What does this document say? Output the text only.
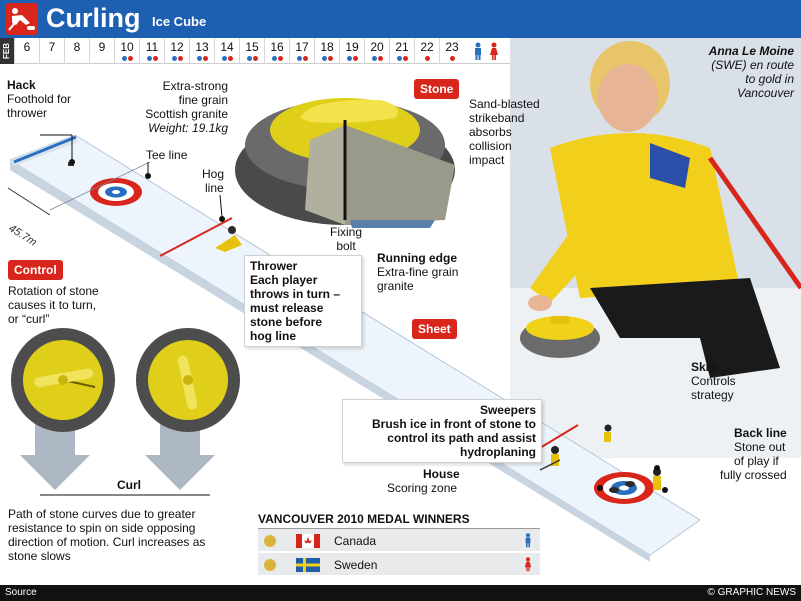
Curling Ice Cube
FEB	6	7	8	9	10	11	12 13 14 15 16 17 18 19 20 21 22 23	Anna Le Moine
(SWE) en route
to gold in
Vancouver
45.7m
Stone
Extra-strong
fine grain
Scottish granite
Weight: 19.1kg
Sand-blasted
strikeband
absorbs
collision
impact
Fixing
bolt
Running edge
Extra-fine grain
granite
Hack
Foothold for
thrower
Tee line
Hog
line
Thrower
Each player
throws in turn –
must release
stone before
hog line	Sheet
Control
Rotation of stone
causes it to turn,
or “curl”
Curl
Path of stone curves due to greater
resistance to spin on side opposing
direction of motion. Curl increases as
stone slows
Skip
Controls
strategy
Sweepers
Brush ice in front of stone to
control its path and assist
hydroplaning
Back line
Stone out
of play if
fully crossed
House
Scoring zone
VANCOUVER 2010 MEDAL WINNERS
Canada
Sweden
Source	© GRAPHIC NEWS
